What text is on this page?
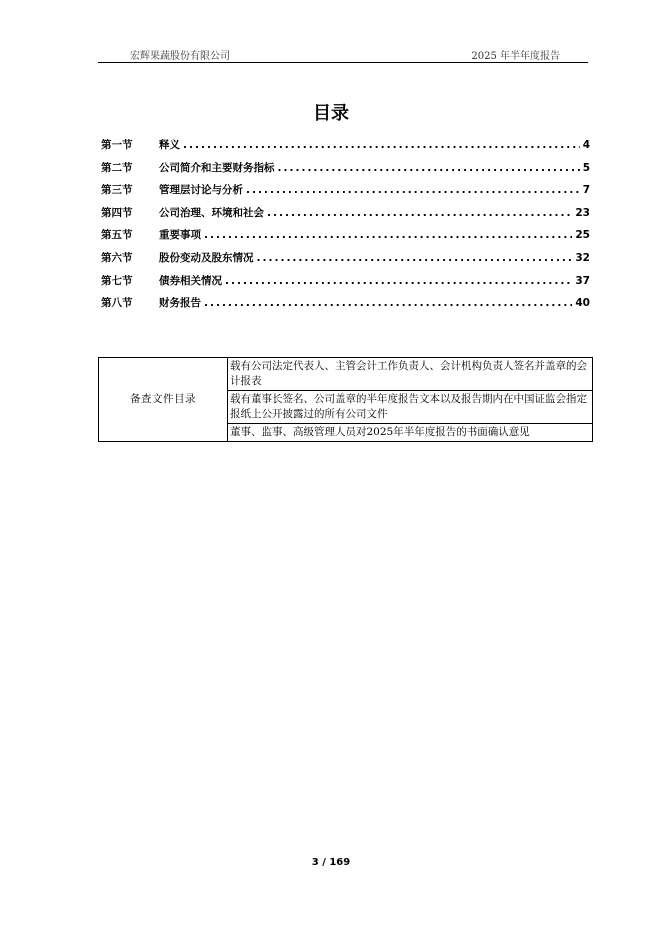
宏辉果蔬股份有限公司	2025 年半年度报告
目录
第一节	释义 .....	4
第二节	公司简介和主要财务指标 .....	5
第三节	管理层讨论与分析 .....	7
第四节	公司治理、环境和社会 .....	23
第五节	重要事项 .....	25
第六节	股份变动及股东情况 .....	32
第七节	债券相关情况 .....	37
第八节	财务报告 .....	40
备查文件目录	载有公司法定代表人、主管会计工作负责人、会计机构负责人签名并盖章的会计报表
载有董事长签名、公司盖章的半年度报告文本以及报告期内在中国证监会指定报纸上公开披露过的所有公司文件
董事、监事、高级管理人员对2025年半年度报告的书面确认意见
3 / 169
